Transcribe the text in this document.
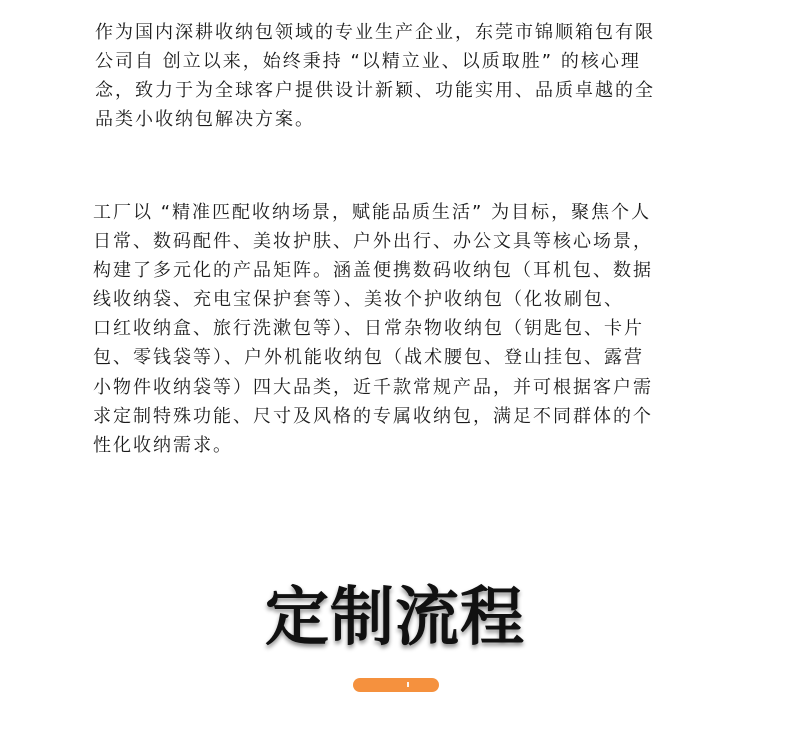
作为国内深耕收纳包领域的专业生产企业，东莞市锦顺箱包有限
公司自 创立以来，始终秉持 “以精立业、以质取胜” 的核心理
念，致力于为全球客户提供设计新颖、功能实用、品质卓越的全
品类小收纳包解决方案。
工厂以 “精准匹配收纳场景，赋能品质生活” 为目标，聚焦个人
日常、数码配件、美妆护肤、户外出行、办公文具等核心场景，
构建了多元化的产品矩阵。涵盖便携数码收纳包（耳机包、数据
线收纳袋、充电宝保护套等）、美妆个护收纳包（化妆刷包、
口红收纳盒、旅行洗漱包等）、日常杂物收纳包（钥匙包、卡片
包、零钱袋等）、户外机能收纳包（战术腰包、登山挂包、露营
小物件收纳袋等）四大品类，近千款常规产品，并可根据客户需
求定制特殊功能、尺寸及风格的专属收纳包，满足不同群体的个
性化收纳需求。
定制流程
